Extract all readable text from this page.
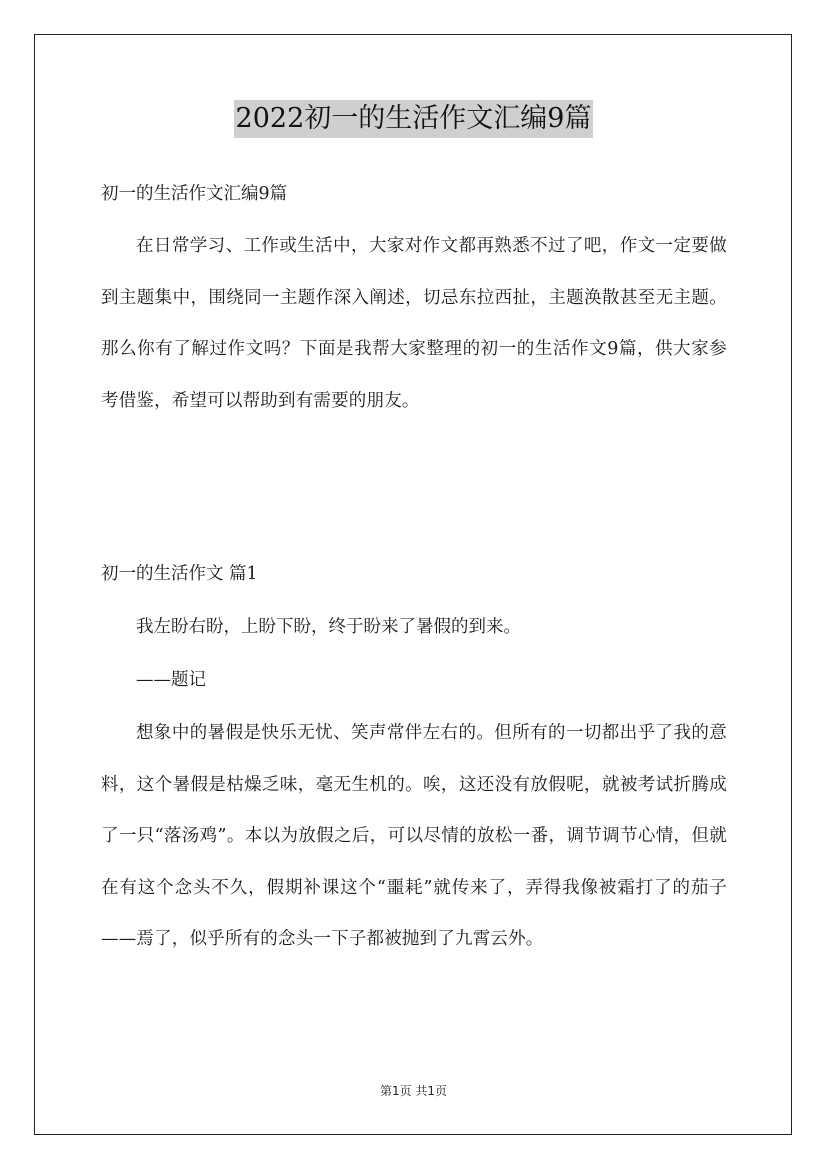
2022初一的生活作文汇编9篇
初一的生活作文汇编9篇
在日常学习、工作或生活中，大家对作文都再熟悉不过了吧，作文一定要做到主题集中，围绕同一主题作深入阐述，切忌东拉西扯，主题涣散甚至无主题。那么你有了解过作文吗？下面是我帮大家整理的初一的生活作文9篇，供大家参考借鉴，希望可以帮助到有需要的朋友。
初一的生活作文 篇1
我左盼右盼，上盼下盼，终于盼来了暑假的到来。
——题记
想象中的暑假是快乐无忧、笑声常伴左右的。但所有的一切都出乎了我的意料，这个暑假是枯燥乏味，毫无生机的。唉，这还没有放假呢，就被考试折腾成了一只“落汤鸡”。本以为放假之后，可以尽情的放松一番，调节调节心情，但就在有这个念头不久，假期补课这个“噩耗”就传来了，弄得我像被霜打了的茄子——焉了，似乎所有的念头一下子都被抛到了九霄云外。
第1页 共1页
